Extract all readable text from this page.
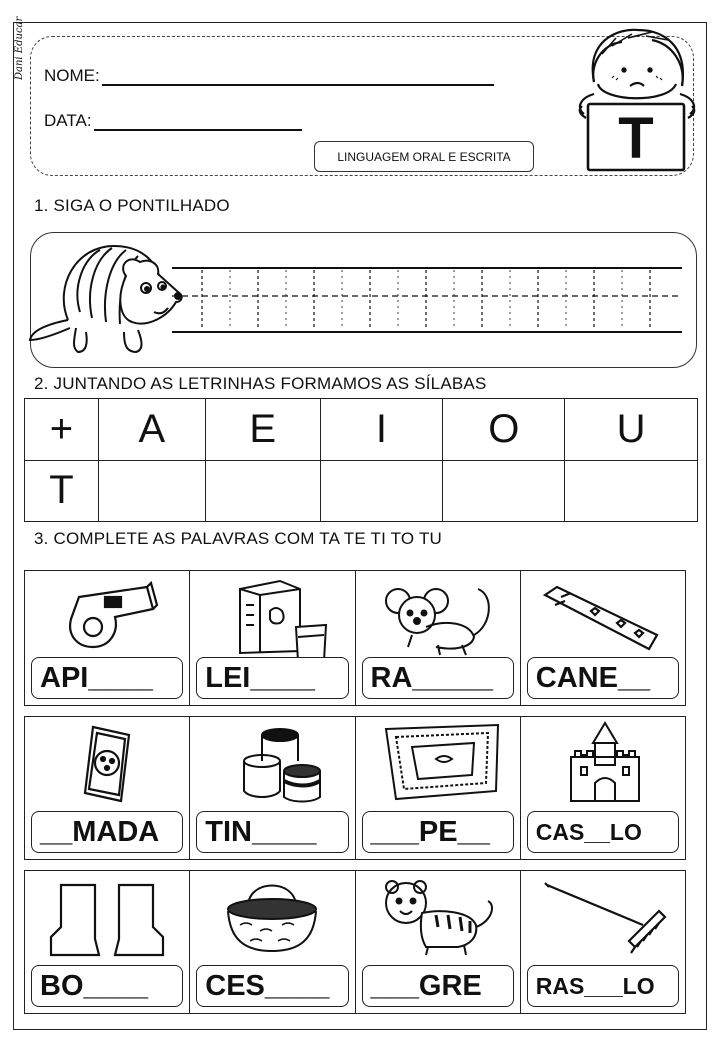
Dani Educar NOME:
DATA:
LINGUAGEM ORAL E ESCRITA	T
1. SIGA O PONTILHADO
2. JUNTANDO AS LETRINHAS FORMAMOS AS SÍLABAS
+	A	E	I	O	U
T					
3. COMPLETE AS PALAVRAS COM TA TE TI TO TU
API____	LEI____	RA_____	CANE__
__MADA	TIN____	___PE__	CAS__LO
BO____	CES____	___GRE	RAS___LO
